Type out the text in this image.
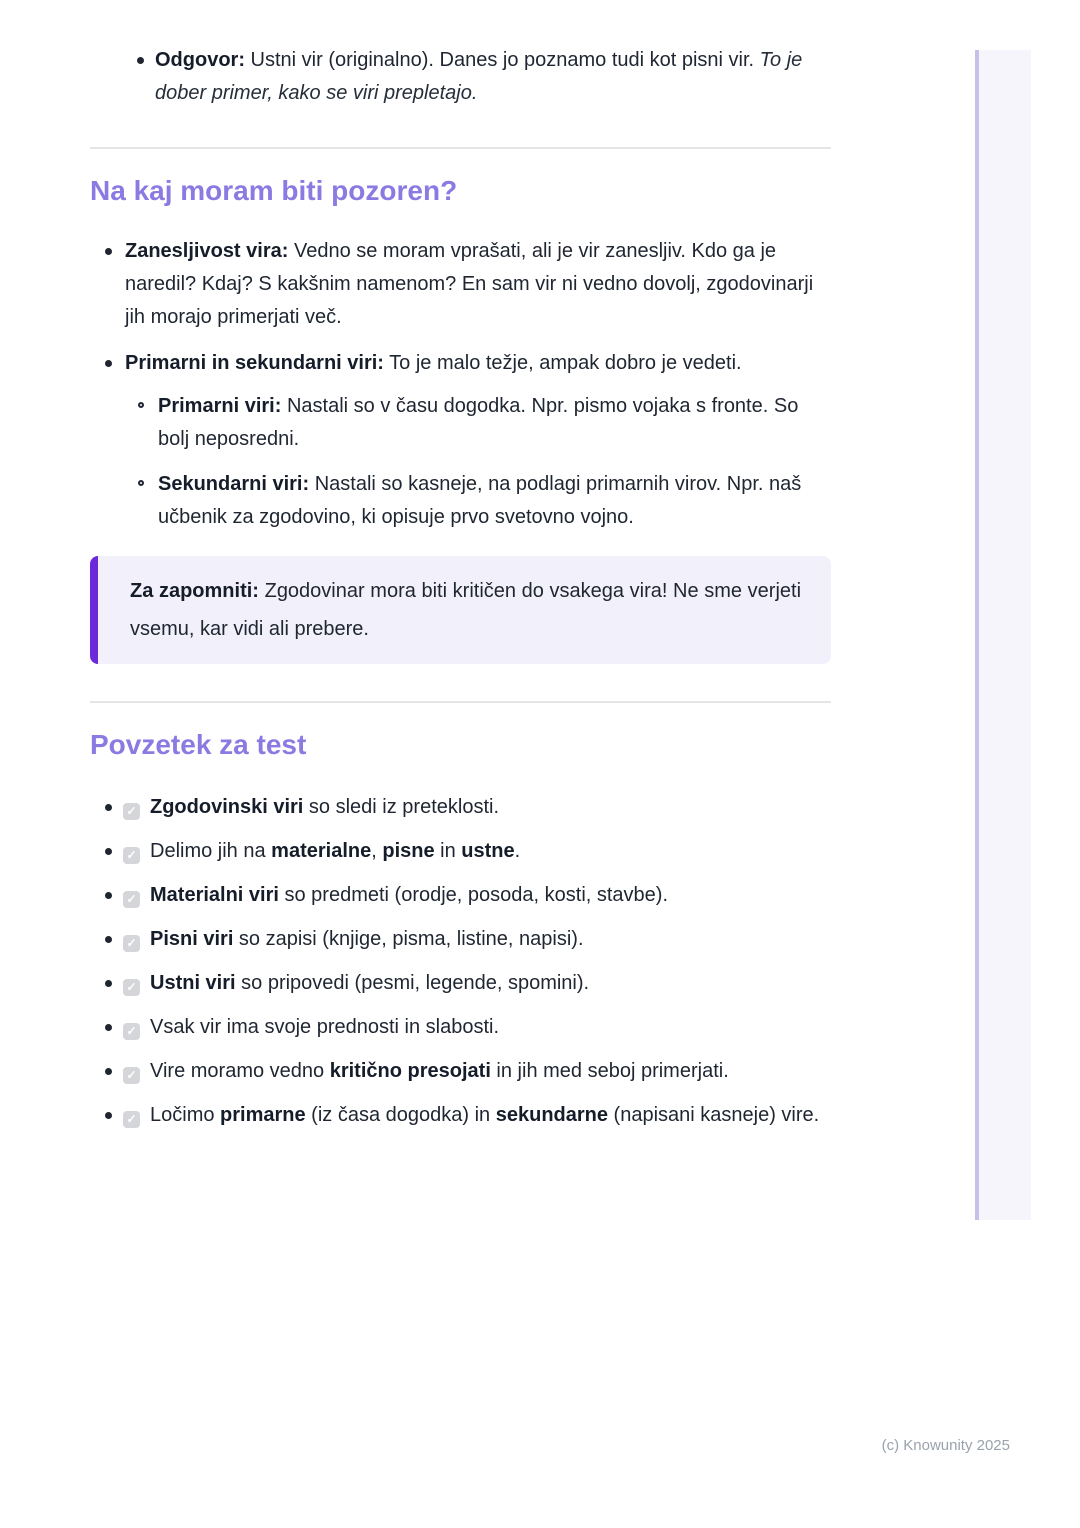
Odgovor: Ustni vir (originalno). Danes jo poznamo tudi kot pisni vir. To je dober primer, kako se viri prepletajo.
Na kaj moram biti pozoren?
Zanesljivost vira: Vedno se moram vprašati, ali je vir zanesljiv. Kdo ga je naredil? Kdaj? S kakšnim namenom? En sam vir ni vedno dovolj, zgodovinarji jih morajo primerjati več.
Primarni in sekundarni viri: To je malo težje, ampak dobro je vedeti.
Primarni viri: Nastali so v času dogodka. Npr. pismo vojaka s fronte. So bolj neposredni.
Sekundarni viri: Nastali so kasneje, na podlagi primarnih virov. Npr. naš učbenik za zgodovino, ki opisuje prvo svetovno vojno.

Za zapomniti: Zgodovinar mora biti kritičen do vsakega vira! Ne sme verjeti vsemu, kar vidi ali prebere.

Povzetek za test
✓ Zgodovinski viri so sledi iz preteklosti.
✓ Delimo jih na materialne, pisne in ustne.
✓ Materialni viri so predmeti (orodje, posoda, kosti, stavbe).
✓ Pisni viri so zapisi (knjige, pisma, listine, napisi).
✓ Ustni viri so pripovedi (pesmi, legende, spomini).
✓ Vsak vir ima svoje prednosti in slabosti.
✓ Vire moramo vedno kritično presojati in jih med seboj primerjati.
✓ Ločimo primarne (iz časa dogodka) in sekundarne (napisani kasneje) vire.
(c) Knowunity 2025
